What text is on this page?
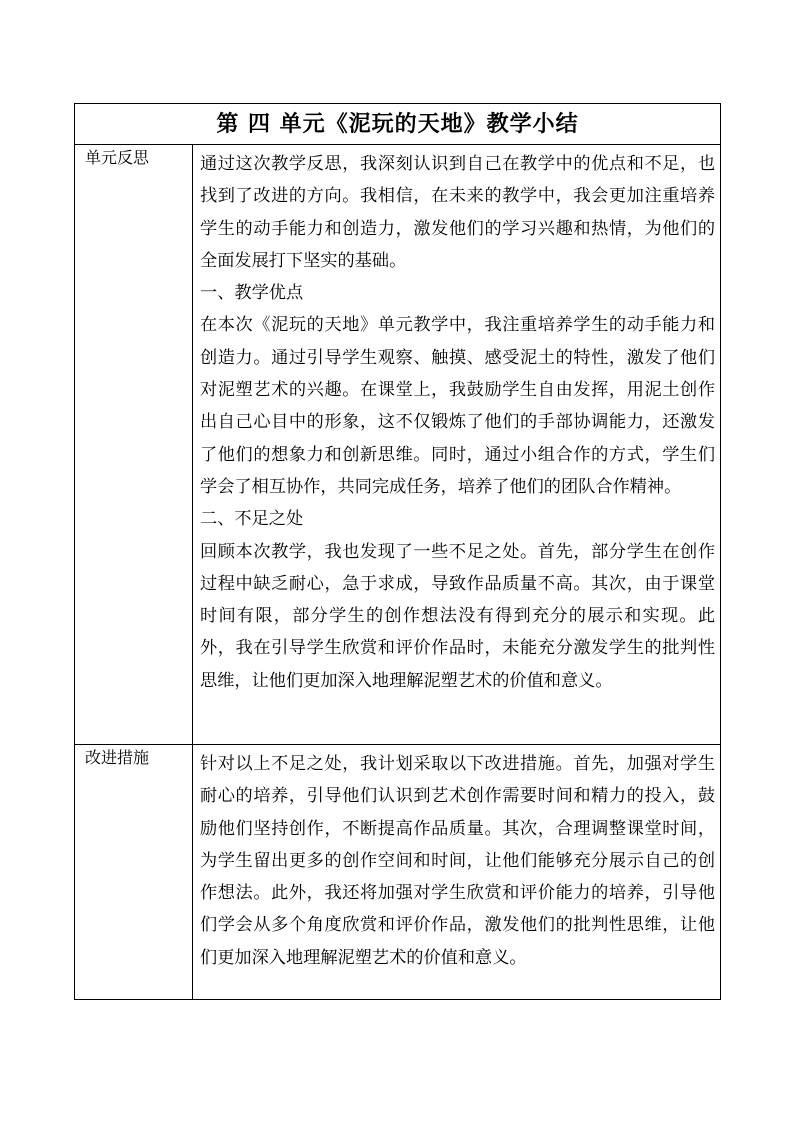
第 四 单元《泥玩的天地》教学小结	
单元反思	通过这次教学反思，我深刻认识到自己在教学中的优点和不足，也找到了改进的方向。我相信，在未来的教学中，我会更加注重培养学生的动手能力和创造力，激发他们的学习兴趣和热情，为他们的全面发展打下坚实的基础。

一、教学优点

在本次《泥玩的天地》单元教学中，我注重培养学生的动手能力和创造力。通过引导学生观察、触摸、感受泥土的特性，激发了他们对泥塑艺术的兴趣。在课堂上，我鼓励学生自由发挥，用泥土创作出自己心目中的形象，这不仅锻炼了他们的手部协调能力，还激发了他们的想象力和创新思维。同时，通过小组合作的方式，学生们学会了相互协作，共同完成任务，培养了他们的团队合作精神。

二、不足之处

回顾本次教学，我也发现了一些不足之处。首先，部分学生在创作过程中缺乏耐心，急于求成，导致作品质量不高。其次，由于课堂时间有限，部分学生的创作想法没有得到充分的展示和实现。此外，我在引导学生欣赏和评价作品时，未能充分激发学生的批判性思维，让他们更加深入地理解泥塑艺术的价值和意义。

改进措施	针对以上不足之处，我计划采取以下改进措施。首先，加强对学生耐心的培养，引导他们认识到艺术创作需要时间和精力的投入，鼓励他们坚持创作，不断提高作品质量。其次，合理调整课堂时间，为学生留出更多的创作空间和时间，让他们能够充分展示自己的创作想法。此外，我还将加强对学生欣赏和评价能力的培养，引导他们学会从多个角度欣赏和评价作品，激发他们的批判性思维，让他们更加深入地理解泥塑艺术的价值和意义。
